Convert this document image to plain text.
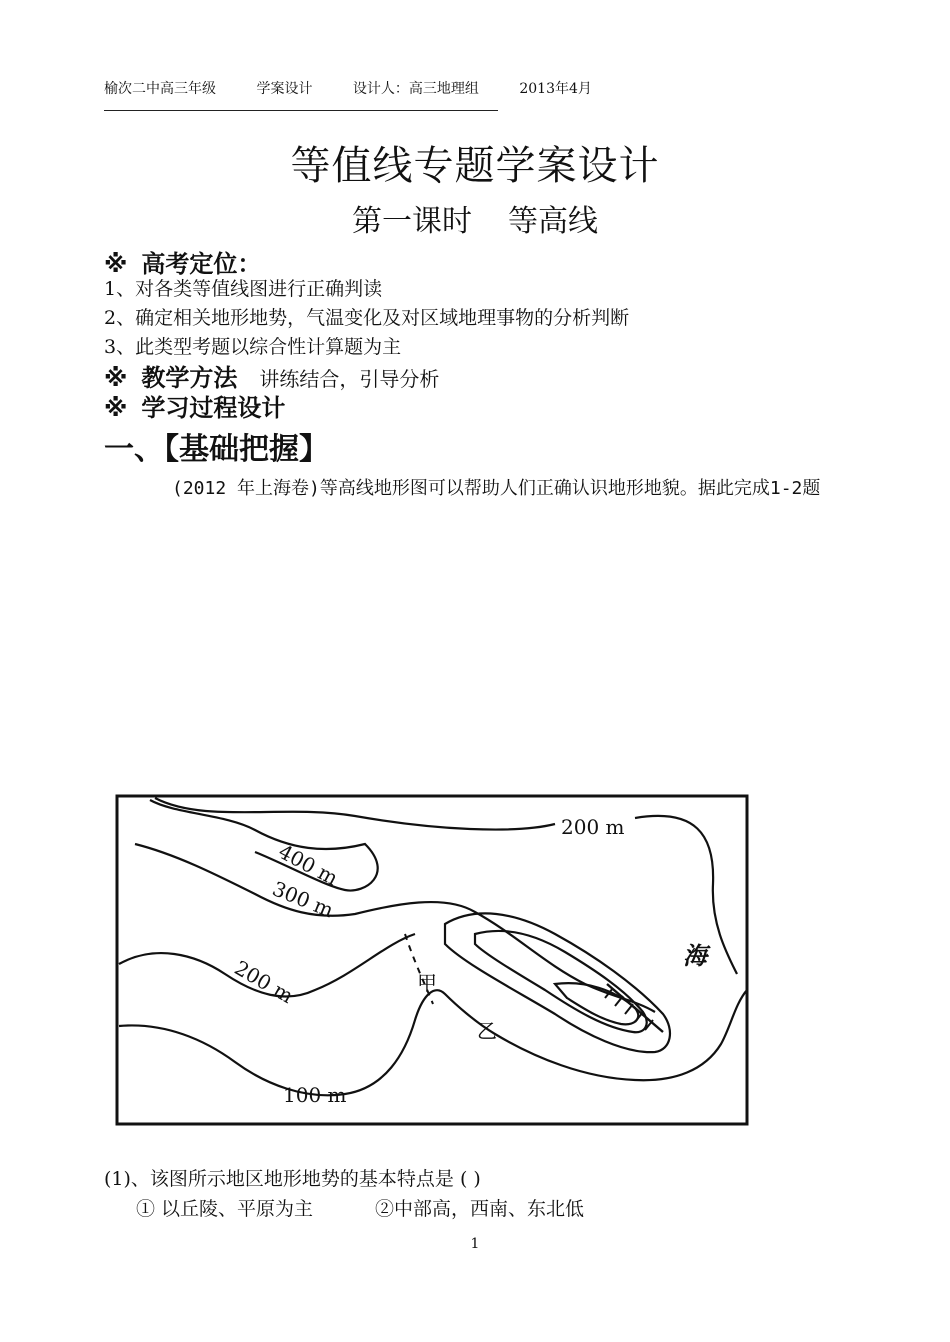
榆次二中高三年级	学案设计	设计人：高三地理组	2013年4月
等值线专题学案设计
第一课时 等高线
※ 高考定位：
1、对各类等值线图进行正确判读
2、确定相关地形地势，气温变化及对区域地理事物的分析判断
3、此类型考题以综合性计算题为主
※ 教学方法 讲练结合，引导分析
※ 学习过程设计
一、【基础把握】
(2012 年上海卷)等高线地形图可以帮助人们正确认识地形地貌。据此完成1-2题
200 m
400 m
300 m
200 m
100 m
海
甲
乙
(1)、该图所示地区地形地势的基本特点是 ( )
① 以丘陵、平原为主	②中部高，西南、东北低
1
